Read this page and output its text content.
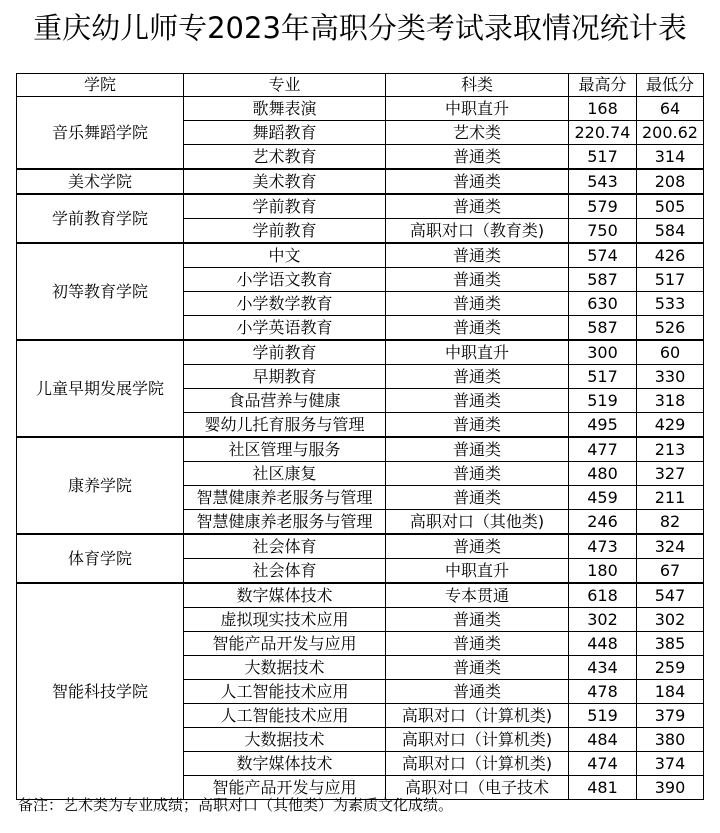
重庆幼儿师专2023年高职分类考试录取情况统计表
学院	专业	科类	最高分	最低分
音乐舞蹈学院	歌舞表演	中职直升	168	64
	舞蹈教育	艺术类	220.74	200.62
	艺术教育	普通类	517	314
美术学院	美术教育	普通类	543	208
学前教育学院	学前教育	普通类	579	505
	学前教育	高职对口（教育类)	750	584
初等教育学院	中文	普通类	574	426
	小学语文教育	普通类	587	517
	小学数学教育	普通类	630	533
	小学英语教育	普通类	587	526
儿童早期发展学院	学前教育	中职直升	300	60
	早期教育	普通类	517	330
	食品营养与健康	普通类	519	318
	婴幼儿托育服务与管理	普通类	495	429
康养学院	社区管理与服务	普通类	477	213
	社区康复	普通类	480	327
	智慧健康养老服务与管理	普通类	459	211
	智慧健康养老服务与管理	高职对口（其他类)	246	82
体育学院	社会体育	普通类	473	324
	社会体育	中职直升	180	67
智能科技学院	数字媒体技术	专本贯通	618	547
	虚拟现实技术应用	普通类	302	302
	智能产品开发与应用	普通类	448	385
	大数据技术	普通类	434	259
	人工智能技术应用	普通类	478	184
	人工智能技术应用	高职对口（计算机类)	519	379
	大数据技术	高职对口（计算机类)	484	380
	数字媒体技术	高职对口（计算机类)	474	374
	智能产品开发与应用	高职对口（电子技术	481	390
备注：艺术类为专业成绩；高职对口（其他类）为素质文化成绩。
